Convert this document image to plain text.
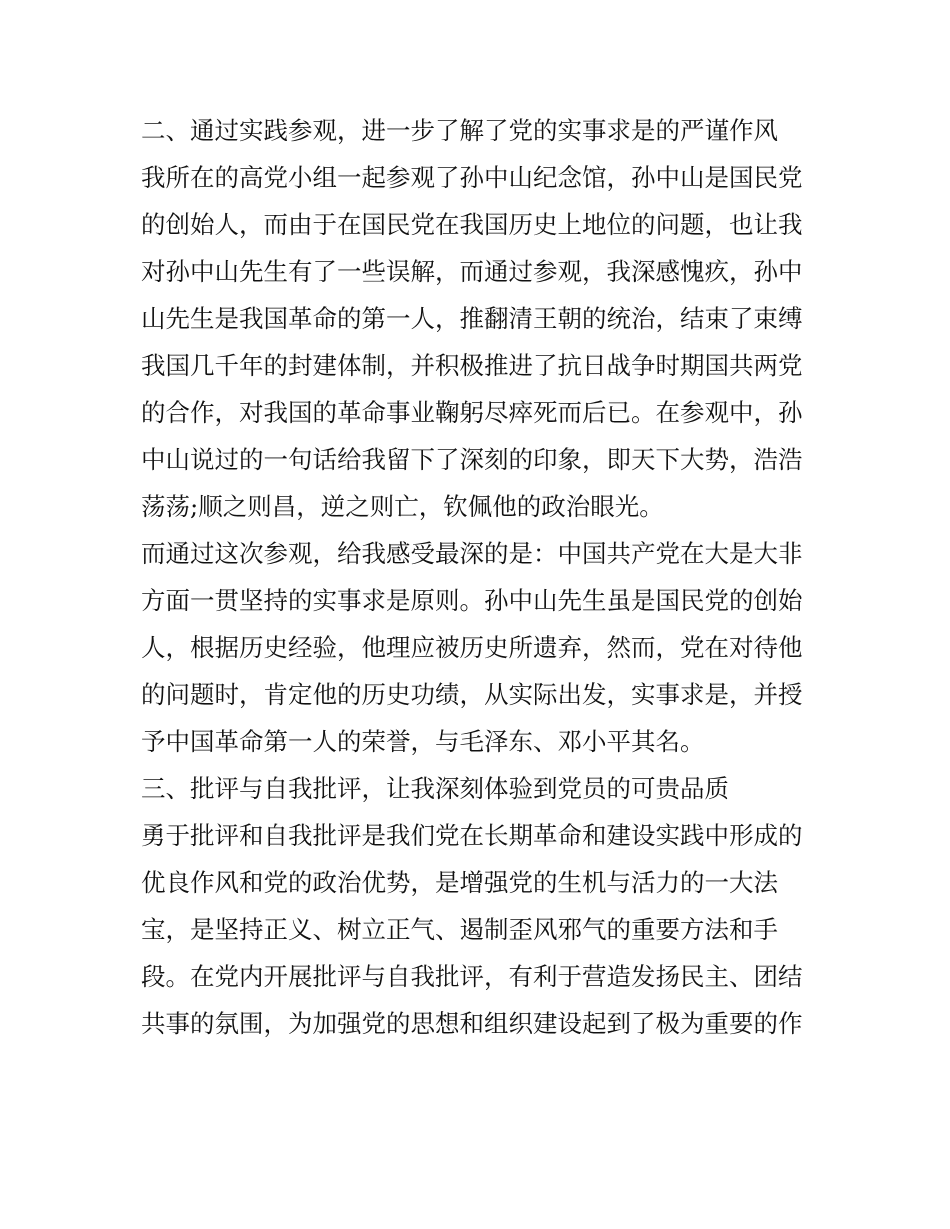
二、通过实践参观，进一步了解了党的实事求是的严谨作风

我所在的高党小组一起参观了孙中山纪念馆，孙中山是国民党

的创始人，而由于在国民党在我国历史上地位的问题，也让我

对孙中山先生有了一些误解，而通过参观，我深感愧疚，孙中

山先生是我国革命的第一人，推翻清王朝的统治，结束了束缚

我国几千年的封建体制，并积极推进了抗日战争时期国共两党

的合作，对我国的革命事业鞠躬尽瘁死而后已。在参观中，孙

中山说过的一句话给我留下了深刻的印象，即天下大势，浩浩

荡荡;顺之则昌，逆之则亡，钦佩他的政治眼光。

而通过这次参观，给我感受最深的是：中国共产党在大是大非

方面一贯坚持的实事求是原则。孙中山先生虽是国民党的创始

人，根据历史经验，他理应被历史所遗弃，然而，党在对待他

的问题时，肯定他的历史功绩，从实际出发，实事求是，并授

予中国革命第一人的荣誉，与毛泽东、邓小平其名。

三、批评与自我批评，让我深刻体验到党员的可贵品质

勇于批评和自我批评是我们党在长期革命和建设实践中形成的

优良作风和党的政治优势，是增强党的生机与活力的一大法

宝，是坚持正义、树立正气、遏制歪风邪气的重要方法和手

段。在党内开展批评与自我批评，有利于营造发扬民主、团结

共事的氛围，为加强党的思想和组织建设起到了极为重要的作
